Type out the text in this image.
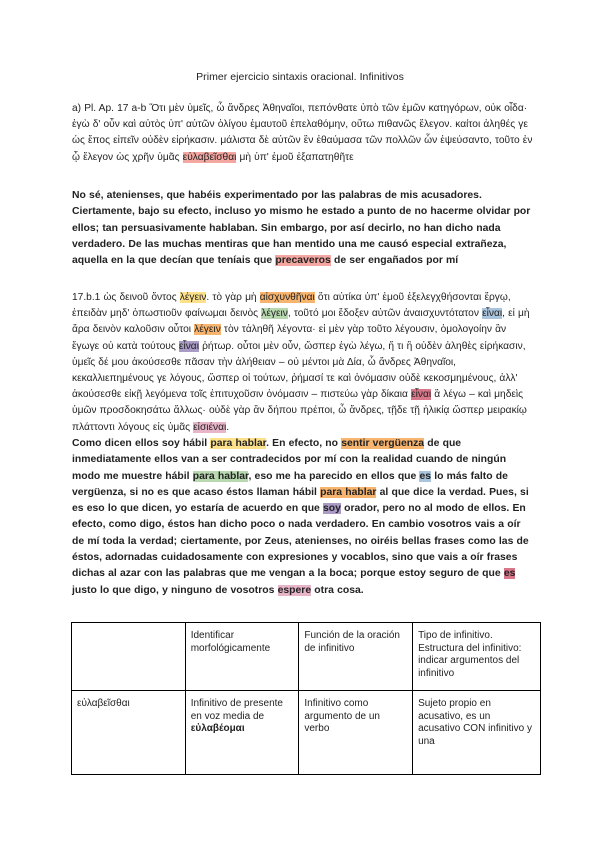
Primer ejercicio sintaxis oracional. Infinitivos
a) Pl. Ap. 17 a-b Ὅτι μὲν ὑμεῖς, ὦ ἄνδρες Ἀθηναῖοι, πεπόνθατε ὑπὸ τῶν ἐμῶν κατηγόρων, οὐκ οἶδα· ἐγὼ δ' οὖν καὶ αὐτὸς ὑπ' αὐτῶν ὀλίγου ἐμαυτοῦ ἐπελαθόμην, οὕτω πιθανῶς ἔλεγον. καίτοι ἀληθές γε ὡς ἔπος εἰπεῖν οὐδὲν εἰρήκασιν. μάλιστα δὲ αὐτῶν ἓν ἐθαύμασα τῶν πολλῶν ὧν ἐψεύσαντο, τοῦτο ἐν ᾧ ἔλεγον ὡς χρῆν ὑμᾶς εὐλαβεῖσθαι μὴ ὑπ' ἐμοῦ ἐξαπατηθῆτε
No sé, atenienses, que habéis experimentado por las palabras de mis acusadores. Ciertamente, bajo su efecto, incluso yo mismo he estado a punto de no hacerme olvidar por ellos; tan persuasivamente hablaban. Sin embargo, por así decirlo, no han dicho nada verdadero. De las muchas mentiras que han mentido una me causó especial extrañeza, aquella en la que decían que teníais que precaveros de ser engañados por mí
17.b.1 ὡς δεινοῦ ὄντος λέγειν. τὸ γὰρ μὴ αἰσχυνθῆναι ὅτι αὐτίκα ὑπ' ἐμοῦ ἐξελεγχθήσονται ἔργῳ, ἐπειδὰν μηδ' ὁπωστιοῦν φαίνωμαι δεινὸς λέγειν, τοῦτό μοι ἔδοξεν αὐτῶν ἀναισχυντότατον εἶναι, εἰ μὴ ἄρα δεινὸν καλοῦσιν οὗτοι λέγειν τὸν τἀληθῆ λέγοντα· εἰ μὲν γὰρ τοῦτο λέγουσιν, ὁμολογοίην ἂν ἔγωγε οὐ κατὰ τούτους εἶναι ῥήτωρ. οὗτοι μὲν οὖν, ὥσπερ ἐγὼ λέγω, ἤ τι ἢ οὐδὲν ἀληθὲς εἰρήκασιν, ὑμεῖς δέ μου ἀκούσεσθε πᾶσαν τὴν ἀλήθειαν – οὐ μέντοι μὰ Δία, ὦ ἄνδρες Ἀθηναῖοι, κεκαλλιεπημένους γε λόγους, ὥσπερ οἱ τούτων, ῥήμασί τε καὶ ὀνόμασιν οὐδὲ κεκοσμημένους, ἀλλ' ἀκούσεσθε εἰκῇ λεγόμενα τοῖς ἐπιτυχοῦσιν ὀνόμασιν – πιστεύω γὰρ δίκαια εἶναι ἃ λέγω – καὶ μηδεὶς ὑμῶν προσδοκησάτω ἄλλως· οὐδὲ γὰρ ἂν δήπου πρέποι, ὦ ἄνδρες, τῇδε τῇ ἡλικίᾳ ὥσπερ μειρακίῳ πλάττοντι λόγους εἰς ὑμᾶς εἰσιέναι.
Como dicen ellos soy hábil para hablar. En efecto, no sentir vergüenza de que inmediatamente ellos van a ser contradecidos por mí con la realidad cuando de ningún modo me muestre hábil para hablar, eso me ha parecido en ellos que es lo más falto de vergüenza, si no es que acaso éstos llaman hábil para hablar al que dice la verdad. Pues, si es eso lo que dicen, yo estaría de acuerdo en que soy orador, pero no al modo de ellos. En efecto, como digo, éstos han dicho poco o nada verdadero. En cambio vosotros vais a oír de mí toda la verdad; ciertamente, por Zeus, atenienses, no oiréis bellas frases como las de éstos, adornadas cuidadosamente con expresiones y vocablos, sino que vais a oír frases dichas al azar con las palabras que me vengan a la boca; porque estoy seguro de que es justo lo que digo, y ninguno de vosotros espere otra cosa.
	Identificar morfológicamente	Función de la oración de infinitivo	Tipo de infinitivo. Estructura del infinitivo: indicar argumentos del infinitivo
εὐλαβεῖσθαι	Infinitivo de presente en voz media de εὐλαβέομαι	Infinitivo como argumento de un verbo	Sujeto propio en acusativo, es un acusativo CON infinitivo y una
